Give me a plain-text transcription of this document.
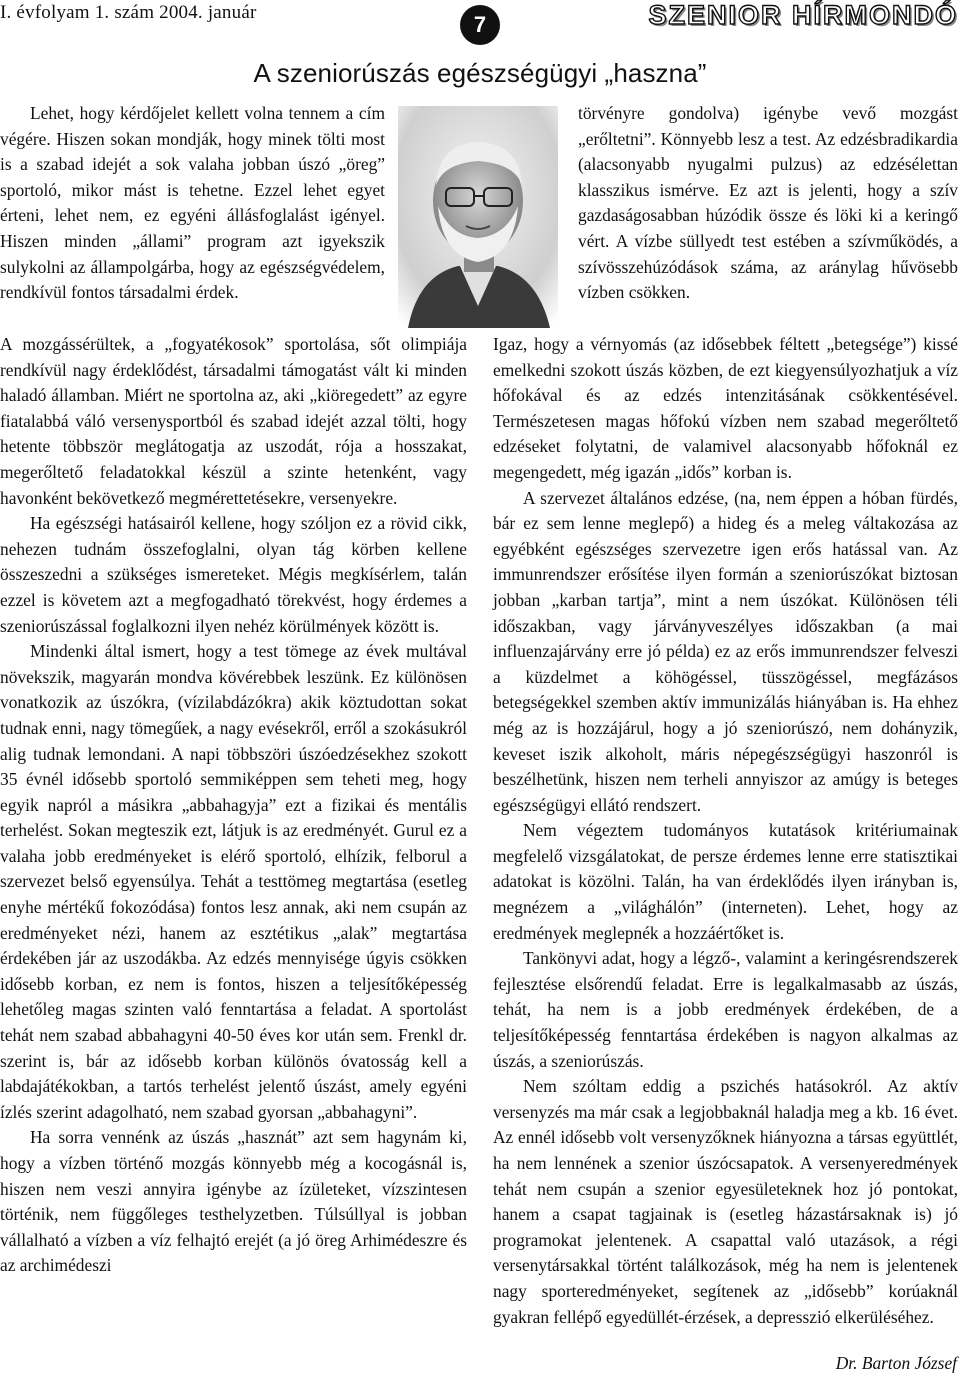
I. évfolyam 1. szám 2004. január	7	SZENIOR HÍRMONDÓ
A szeniorúszás egészségügyi „haszna”

Lehet, hogy kérdőjelet kellett volna tennem a cím végére. Hiszen sokan mondják, hogy minek tölti most is a szabad idejét a sok valaha jobban úszó „öreg” sportoló, mikor mást is tehetne. Ezzel lehet egyet érteni, lehet nem, ez egyéni állásfoglalást igényel. Hiszen minden „állami” program azt igyekszik sulykolni az állampolgárba, hogy az egészségvédelem, rendkívül fontos társadalmi érdek.

A mozgássérültek, a „fogyatékosok” sportolása, sőt olimpiája rendkívül nagy érdeklődést, társadalmi támogatást vált ki minden haladó államban. Miért ne sportolna az, aki „kiöregedett” az egyre fiatalabbá váló versenysportból és szabad idejét azzal tölti, hogy hetente többször meglátogatja az uszodát, rója a hosszakat, megerőltető feladatokkal készül a szinte hetenként, vagy havonként bekövetkező megmérettetésekre, versenyekre.

Ha egészségi hatásairól kellene, hogy szóljon ez a rövid cikk, nehezen tudnám összefoglalni, olyan tág körben kellene összeszedni a szükséges ismereteket. Mégis megkísérlem, talán ezzel is követem azt a megfogadható törekvést, hogy érdemes a szeniorúszással foglalkozni ilyen nehéz körülmények között is.

Mindenki által ismert, hogy a test tömege az évek multával növekszik, magyarán mondva kövérebbek leszünk. Ez különösen vonatkozik az úszókra, (vízilabdázókra) akik köztudottan sokat tudnak enni, nagy tömegűek, a nagy evésekről, erről a szokásukról alig tudnak lemondani. A napi többszöri úszóedzésekhez szokott 35 évnél idősebb sportoló semmiképpen sem teheti meg, hogy egyik napról a másikra „abbahagyja” ezt a fizikai és mentális terhelést. Sokan megteszik ezt, látjuk is az eredményét. Gurul ez a valaha jobb eredményeket is elérő sportoló, elhízik, felborul a szervezet belső egyensúlya. Tehát a testtömeg megtartása (esetleg enyhe mértékű fokozódása) fontos lesz annak, aki nem csupán az eredményeket nézi, hanem az esztétikus „alak” megtartása érdekében jár az uszodákba. Az edzés mennyisége úgyis csökken idősebb korban, ez nem is fontos, hiszen a teljesítőképesség lehetőleg magas szinten való fenntartása a feladat. A sportolást tehát nem szabad abbahagyni 40-50 éves kor után sem. Frenkl dr. szerint is, bár az idősebb korban különös óvatosság kell a labdajátékokban, a tartós terhelést jelentő úszást, amely egyéni ízlés szerint adagolható, nem szabad gyorsan „abbahagyni”.

Ha sorra vennénk az úszás „hasznát” azt sem hagynám ki, hogy a vízben történő mozgás könnyebb még a kocogásnál is, hiszen nem veszi annyira igénybe az ízületeket, vízszintesen történik, nem függőleges testhelyzetben. Túlsúllyal is jobban vállalható a vízben a víz felhajtó erejét (a jó öreg Arhimédeszre és az archimédeszi

törvényre gondolva) igénybe vevő mozgást „erőltetni”. Könnyebb lesz a test. Az edzésbradikardia (alacsonyabb nyugalmi pulzus) az edzésélettan klasszikus ismérve. Ez azt is jelenti, hogy a szív gazdaságosabban húzódik össze és löki ki a keringő vért. A vízbe süllyedt test estében a szívműködés, a szívösszehúzódások száma, az aránylag hűvösebb vízben csökken.

Igaz, hogy a vérnyomás (az idősebbek féltett „betegsége”) kissé emelkedni szokott úszás közben, de ezt kiegyensúlyozhatjuk a víz hőfokával és az edzés intenzitásának csökkentésével. Természetesen magas hőfokú vízben nem szabad megerőltető edzéseket folytatni, de valamivel alacsonyabb hőfoknál ez megengedett, még igazán „idős” korban is.

A szervezet általános edzése, (na, nem éppen a hóban fürdés, bár ez sem lenne meglepő) a hideg és a meleg váltakozása az egyébként egészséges szervezetre igen erős hatással van. Az immunrendszer erősítése ilyen formán a szeniorúszókat biztosan jobban „karban tartja”, mint a nem úszókat. Különösen téli időszakban, vagy járványveszélyes időszakban (a mai influenzajárvány erre jó példa) ez az erős immunrendszer felveszi a küzdelmet a köhögéssel, tüsszögéssel, megfázásos betegségekkel szemben aktív immunizálás hiányában is. Ha ehhez még az is hozzájárul, hogy a jó szeniorúszó, nem dohányzik, keveset iszik alkoholt, máris népegészségügyi haszonról is beszélhetünk, hiszen nem terheli annyiszor az amúgy is beteges egészségügyi ellátó rendszert.

Nem végeztem tudományos kutatások kritériumainak megfelelő vizsgálatokat, de persze érdemes lenne erre statisztikai adatokat is közölni. Talán, ha van érdeklődés ilyen irányban is, megnézem a „világhálón” (interneten). Lehet, hogy az eredmények meglepnék a hozzáértőket is.

Tankönyvi adat, hogy a légző-, valamint a keringésrendszerek fejlesztése elsőrendű feladat. Erre is legalkalmasabb az úszás, tehát, ha nem is a jobb eredmények érdekében, de a teljesítőképesség fenntartása érdekében is nagyon alkalmas az úszás, a szeniorúszás.

Nem szóltam eddig a pszichés hatásokról. Az aktív versenyzés ma már csak a legjobbaknál haladja meg a kb. 16 évet. Az ennél idősebb volt versenyzőknek hiányozna a társas együttlét, ha nem lennének a szenior úszócsapatok. A versenyeredmények tehát nem csupán a szenior egyesületeknek hoz jó pontokat, hanem a csapat tagjainak is (esetleg házastársaknak is) jó programokat jelentenek. A csapattal való utazások, a régi versenytársakkal történt találkozások, még ha nem is jelentenek nagy sporteredményeket, segítenek az „idősebb” korúaknál gyakran fellépő egyedüllét-érzések, a depresszió elkerüléséhez.

Dr. Barton József
